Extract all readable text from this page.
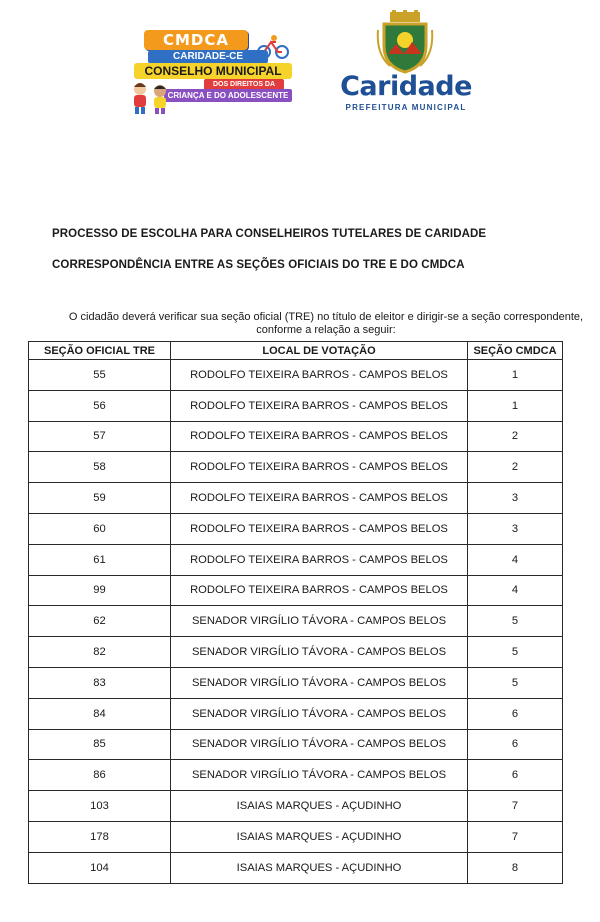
CMDCA
CARIDADE-CE
CONSELHO MUNICIPAL
DOS DIREITOS DA
CRIANÇA E DO ADOLESCENTE Caridade
PREFEITURA MUNICIPAL
PROCESSO DE ESCOLHA PARA CONSELHEIROS TUTELARES DE CARIDADE
CORRESPONDÊNCIA ENTRE AS SEÇÕES OFICIAIS DO TRE E DO CMDCA
O cidadão deverá verificar sua seção oficial (TRE) no título de eleitor e dirigir-se a seção correspondente,
conforme a relação a seguir:
SEÇÃO OFICIAL TRE	LOCAL DE VOTAÇÃO	SEÇÃO CMDCA
55	RODOLFO TEIXEIRA BARROS - CAMPOS BELOS	1
56	RODOLFO TEIXEIRA BARROS - CAMPOS BELOS	1
57	RODOLFO TEIXEIRA BARROS - CAMPOS BELOS	2
58	RODOLFO TEIXEIRA BARROS - CAMPOS BELOS	2
59	RODOLFO TEIXEIRA BARROS - CAMPOS BELOS	3
60	RODOLFO TEIXEIRA BARROS - CAMPOS BELOS	3
61	RODOLFO TEIXEIRA BARROS - CAMPOS BELOS	4
99	RODOLFO TEIXEIRA BARROS - CAMPOS BELOS	4
62	SENADOR VIRGÍLIO TÁVORA - CAMPOS BELOS	5
82	SENADOR VIRGÍLIO TÁVORA - CAMPOS BELOS	5
83	SENADOR VIRGÍLIO TÁVORA - CAMPOS BELOS	5
84	SENADOR VIRGÍLIO TÁVORA - CAMPOS BELOS	6
85	SENADOR VIRGÍLIO TÁVORA - CAMPOS BELOS	6
86	SENADOR VIRGÍLIO TÁVORA - CAMPOS BELOS	6
103	ISAIAS MARQUES - AÇUDINHO	7
178	ISAIAS MARQUES - AÇUDINHO	7
104	ISAIAS MARQUES - AÇUDINHO	8
